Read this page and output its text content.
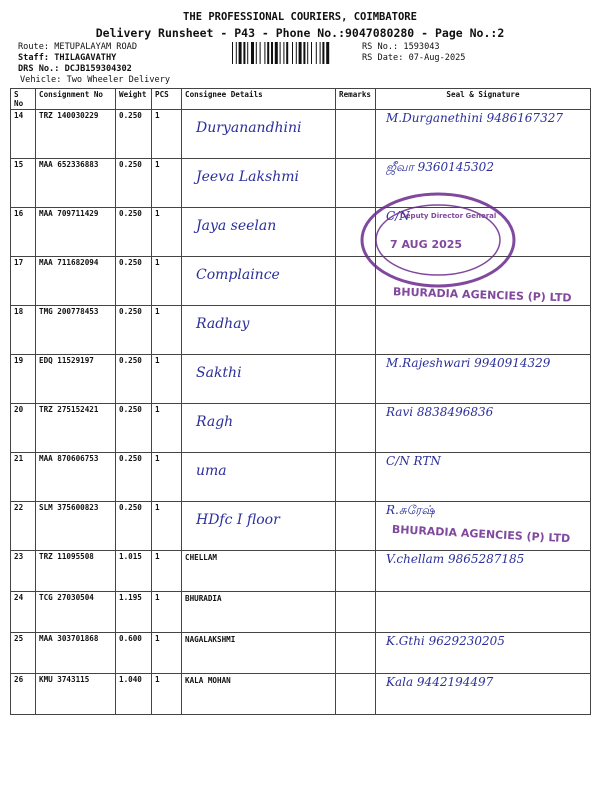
THE PROFESSIONAL COURIERS, COIMBATORE
Delivery Runsheet - P43 - Phone No.:9047080280 - Page No.:2
Route: METUPALAYAM ROAD
Staff: THILAGAVATHY
DRS No.: DCJB159304302
Vehicle: Two Wheeler Delivery
RS No.: 1593043
RS Date: 07-Aug-2025
S No	Consignment No	Weight	PCS	Consignee Details	Remarks	Seal & Signature
14	TRZ 140030229	0.250	1	Duryanandhini		M.Durganethini 9486167327
15	MAA 652336883	0.250	1	Jeeva Lakshmi		ஜீவா 9360145302
16	MAA 709711429	0.250	1	Jaya seelan		C/N
17	MAA 711682094	0.250	1	Complaince		
18	TMG 200778453	0.250	1	Radhay		
19	EDQ 11529197	0.250	1	Sakthi		M.Rajeshwari 9940914329
20	TRZ 275152421	0.250	1	Ragh		Ravi 8838496836
21	MAA 870606753	0.250	1	uma		C/N RTN
22	SLM 375600823	0.250	1	HDfc I floor		R.சுரேஷ்
23	TRZ 11095508	1.015	1	CHELLAM		V.chellam 9865287185
24	TCG 27030504	1.195	1	BHURADIA		
25	MAA 303701868	0.600	1	NAGALAKSHMI		K.Gthi 9629230205
26	KMU 3743115	1.040	1	KALA MOHAN		Kala 9442194497
Deputy Director General
7 AUG 2025
BHURADIA AGENCIES (P) LTD
BHURADIA AGENCIES (P) LTD
